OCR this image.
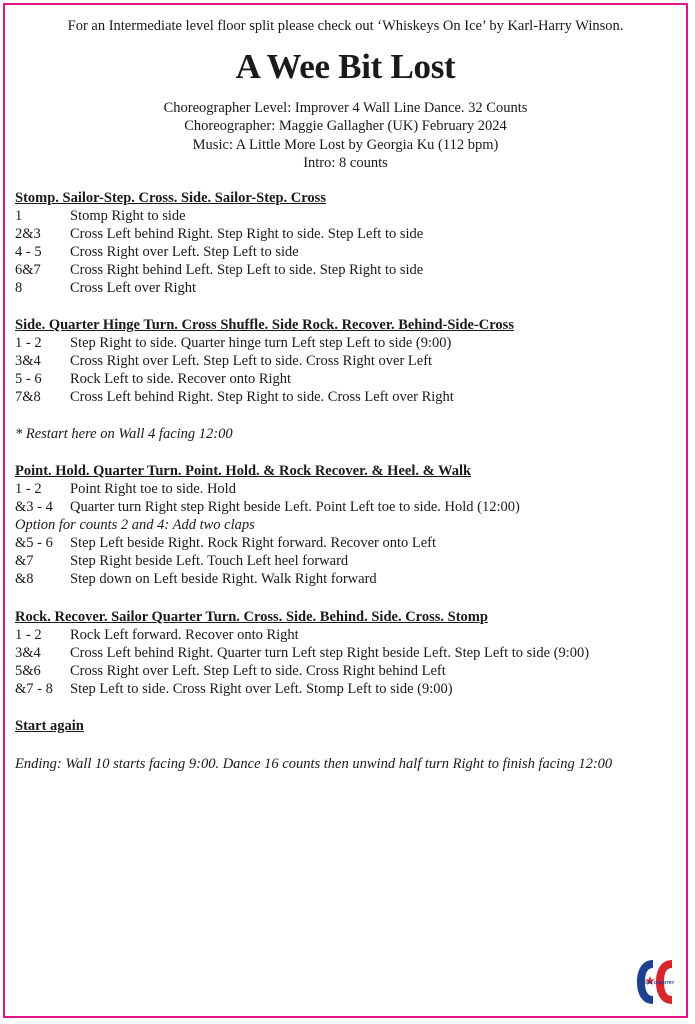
For an Intermediate level floor split please check out ‘Whiskeys On Ice’ by Karl-Harry Winson.
A Wee Bit Lost
Choreographer Level: Improver 4 Wall Line Dance. 32 Counts
Choreographer: Maggie Gallagher (UK) February 2024
Music: A Little More Lost by Georgia Ku (112 bpm)
Intro: 8 counts
Stomp. Sailor-Step. Cross. Side. Sailor-Step. Cross
1	Stomp Right to side
2&3 Cross Left behind Right. Step Right to side. Step Left to side
4 - 5 Cross Right over Left. Step Left to side
6&7 Cross Right behind Left. Step Left to side. Step Right to side
8	Cross Left over Right
Side. Quarter Hinge Turn. Cross Shuffle. Side Rock. Recover. Behind-Side-Cross
1 - 2 Step Right to side. Quarter hinge turn Left step Left to side (9:00)
3&4 Cross Right over Left. Step Left to side. Cross Right over Left
5 - 6 Rock Left to side. Recover onto Right
7&8 Cross Left behind Right. Step Right to side. Cross Left over Right
* Restart here on Wall 4 facing 12:00
Point. Hold. Quarter Turn. Point. Hold. & Rock Recover. & Heel. & Walk
1 - 2 Point Right toe to side. Hold
&3 - 4 Quarter turn Right step Right beside Left. Point Left toe to side. Hold (12:00)
Option for counts 2 and 4: Add two claps
&5 - 6 Step Left beside Right. Rock Right forward. Recover onto Left
&7	Step Right beside Left. Touch Left heel forward
&8	Step down on Left beside Right. Walk Right forward
Rock. Recover. Sailor Quarter Turn. Cross. Side. Behind. Side. Cross. Stomp
1 - 2 Rock Left forward. Recover onto Right
3&4 Cross Left behind Right. Quarter turn Left step Right beside Left. Step Left to side (9:00)
5&6 Cross Right over Left. Step Left to side. Cross Right behind Left
&7 - 8 Step Left to side. Cross Right over Left. Stomp Left to side (9:00)
Start again
Ending: Wall 10 starts facing 9:00. Dance 16 counts then unwind half turn Right to finish facing 12:00
CROSS COUNTRY
